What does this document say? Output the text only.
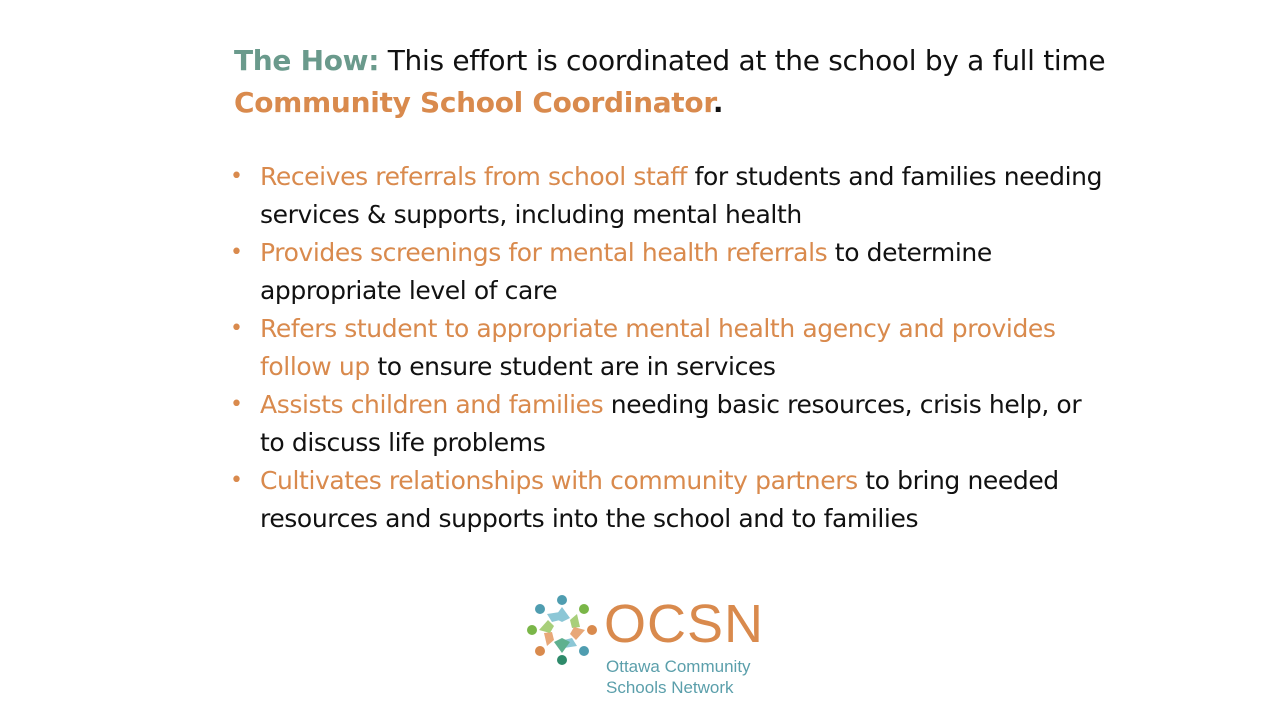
The How: This effort is coordinated at the school by a full time Community School Coordinator.
• Receives referrals from school staff for students and families needing services & supports, including mental health
• Provides screenings for mental health referrals to determine appropriate level of care
• Refers student to appropriate mental health agency and provides follow up to ensure student are in services
• Assists children and families needing basic resources, crisis help, or to discuss life problems
• Cultivates relationships with community partners to bring needed resources and supports into the school and to families
OCSN
Ottawa Community
Schools Network
